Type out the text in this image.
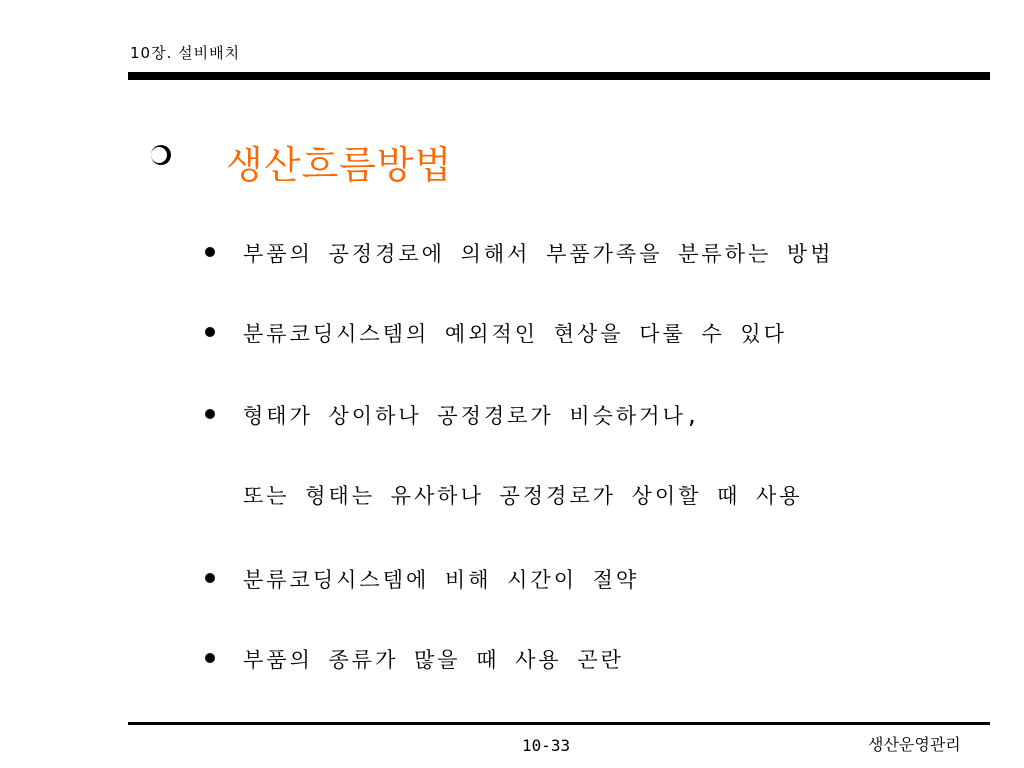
10장. 설비배치
생산흐름방법
부품의 공정경로에 의해서 부품가족을 분류하는 방법
분류코딩시스템의 예외적인 현상을 다룰 수 있다
형태가 상이하나 공정경로가 비슷하거나,
또는 형태는 유사하나 공정경로가 상이할 때 사용
분류코딩시스템에 비해 시간이 절약
부품의 종류가 많을 때 사용 곤란
10-33	생산운영관리
